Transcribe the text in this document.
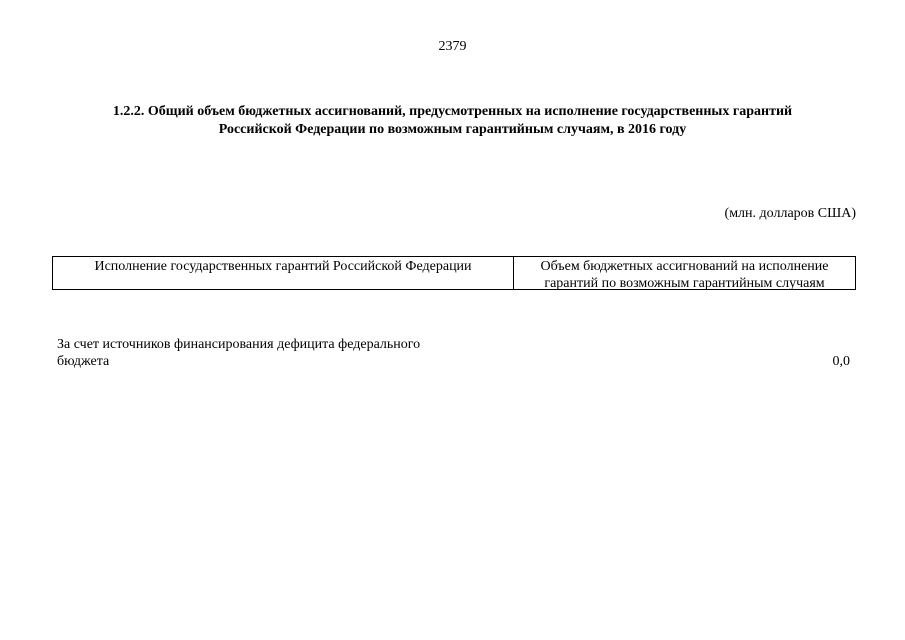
2379
1.2.2. Общий объем бюджетных ассигнований, предусмотренных на исполнение государственных гарантий
Российской Федерации по возможным гарантийным случаям, в 2016 году
(млн. долларов США)
Исполнение государственных гарантий Российской Федерации	Объем бюджетных ассигнований на исполнение
гарантий по возможным гарантийным случаям
За счет источников финансирования дефицита федерального
бюджета	0,0
